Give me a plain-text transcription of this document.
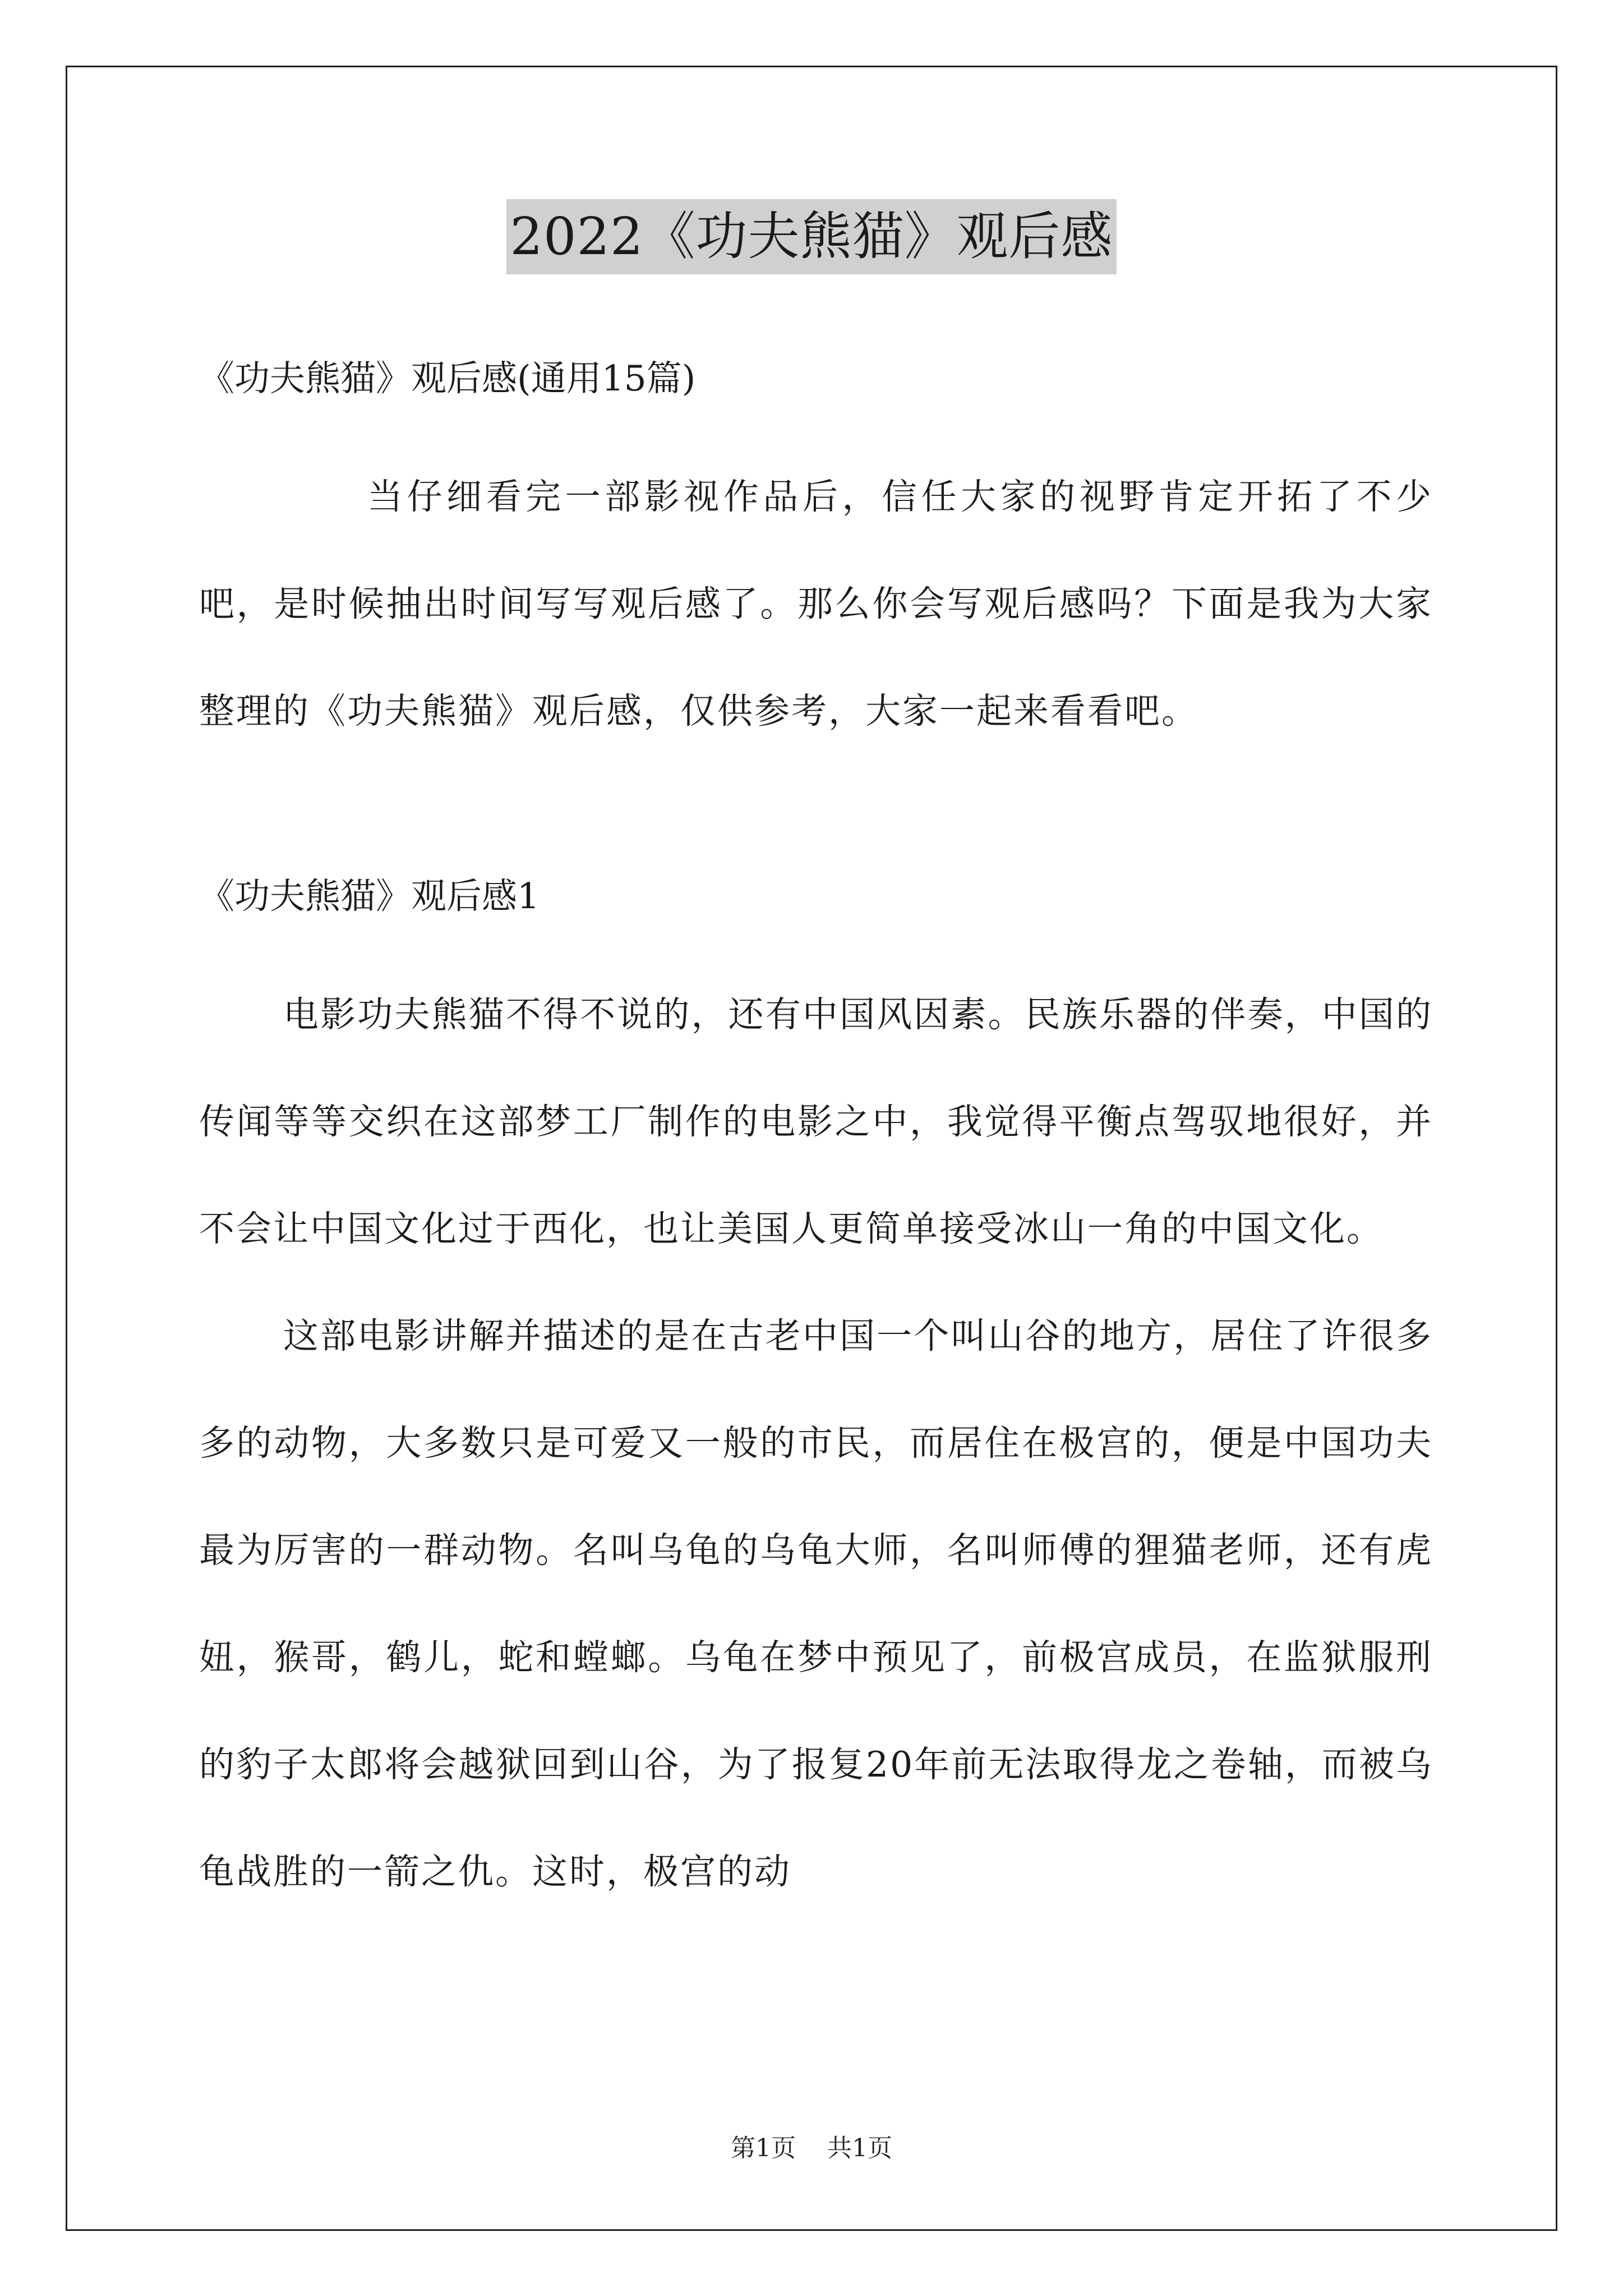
2022《功夫熊猫》观后感

《功夫熊猫》观后感(通用15篇)

当仔细看完一部影视作品后，信任大家的视野肯定开拓了不少吧，是时候抽出时间写写观后感了。那么你会写观后感吗？下面是我为大家整理的《功夫熊猫》观后感，仅供参考，大家一起来看看吧。

《功夫熊猫》观后感1

电影功夫熊猫不得不说的，还有中国风因素。民族乐器的伴奏，中国的传闻等等交织在这部梦工厂制作的电影之中，我觉得平衡点驾驭地很好，并不会让中国文化过于西化，也让美国人更简单接受冰山一角的中国文化。

这部电影讲解并描述的是在古老中国一个叫山谷的地方，居住了许很多多的动物，大多数只是可爱又一般的市民，而居住在极宫的，便是中国功夫最为厉害的一群动物。名叫乌龟的乌龟大师，名叫师傅的狸猫老师，还有虎妞，猴哥，鹤儿，蛇和螳螂。乌龟在梦中预见了，前极宫成员，在监狱服刑的豹子太郎将会越狱回到山谷，为了报复20年前无法取得龙之卷轴，而被乌龟战胜的一箭之仇。这时，极宫的动

第1页 共1页
